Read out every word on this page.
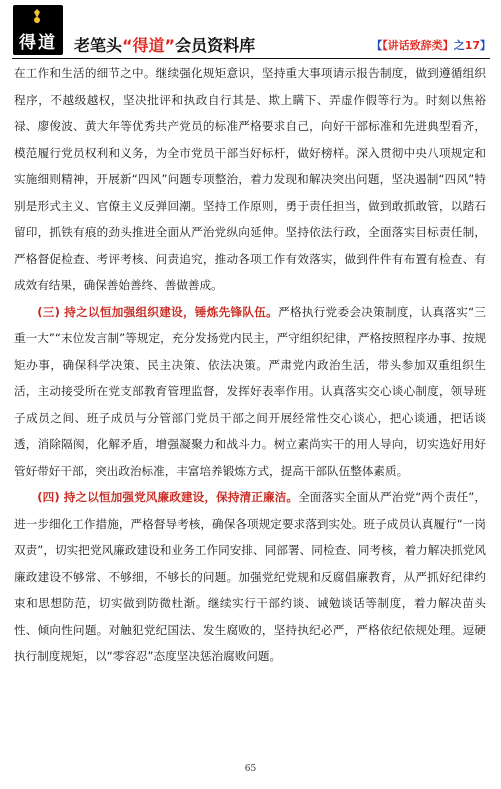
得道	老笔头“得道”会员资料库	【【讲话致辞类】之17】

在工作和生活的细节之中。继续强化规矩意识，坚持重大事项请示报告制度，做到遵循组织程序，不越级越权，坚决批评和执政自行其是、欺上瞒下、弄虚作假等行为。时刻以焦裕禄、廖俊波、黄大年等优秀共产党员的标准严格要求自己，向好干部标准和先进典型看齐，模范履行党员权利和义务，为全市党员干部当好标杆，做好榜样。深入贯彻中央八项规定和实施细则精神，开展新“四风”问题专项整治，着力发现和解决突出问题，坚决遏制“四风”特别是形式主义、官僚主义反弹回潮。坚持工作原则，勇于责任担当，做到敢抓敢管，以踏石留印，抓铁有痕的劲头推进全面从严治党纵向延伸。坚持依法行政，全面落实目标责任制，严格督促检查、考评考核、问责追究，推动各项工作有效落实，做到件件有布置有检查、有成效有结果，确保善始善终、善做善成。

(三) 持之以恒加强组织建设，锤炼先锋队伍。严格执行党委会决策制度，认真落实“三重一大”“末位发言制”等规定，充分发扬党内民主，严守组织纪律，严格按照程序办事、按规矩办事，确保科学决策、民主决策、依法决策。严肃党内政治生活，带头参加双重组织生活，主动接受所在党支部教育管理监督，发挥好表率作用。认真落实交心谈心制度，领导班子成员之间、班子成员与分管部门党员干部之间开展经常性交心谈心，把心谈通，把话谈透，消除隔阂，化解矛盾，增强凝聚力和战斗力。树立素尚实干的用人导向，切实选好用好管好带好干部，突出政治标准，丰富培养锻炼方式，提高干部队伍整体素质。

(四) 持之以恒加强党风廉政建设，保持清正廉洁。全面落实全面从严治党“两个责任”，进一步细化工作措施，严格督导考核，确保各项规定要求落到实处。班子成员认真履行“一岗双责”，切实把党风廉政建设和业务工作同安排、同部署、同检查、同考核，着力解决抓党风廉政建设不够常、不够细，不够长的问题。加强党纪党规和反腐倡廉教育，从严抓好纪律约束和思想防范，切实做到防微杜渐。继续实行干部约谈、诫勉谈话等制度，着力解决苗头性、倾向性问题。对触犯党纪国法、发生腐败的，坚持执纪必严，严格依纪依规处理。逗硬执行制度规矩，以“零容忍”态度坚决惩治腐败问题。

65
